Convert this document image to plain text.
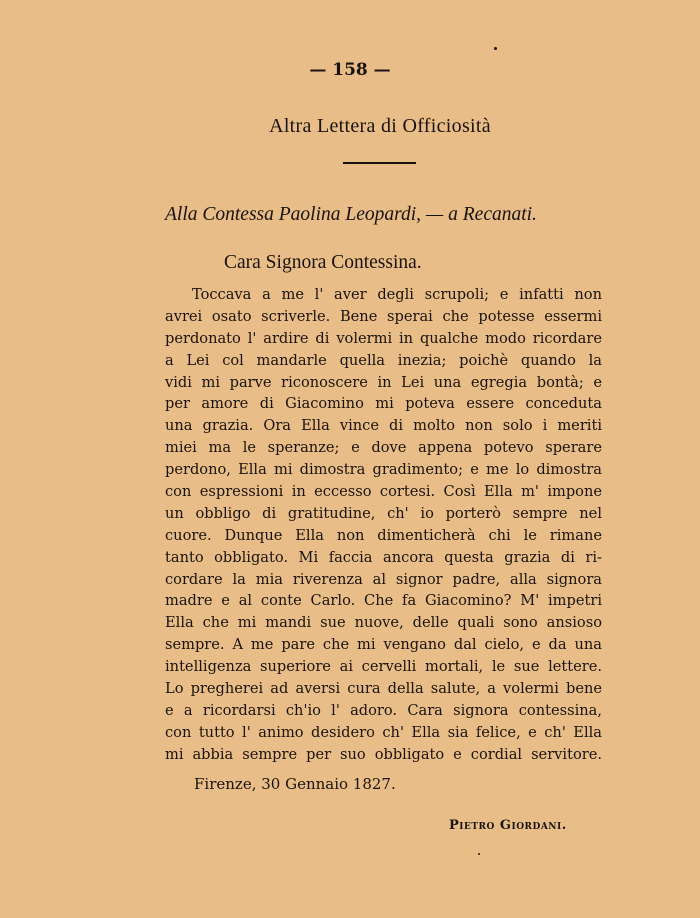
— 158 —
Altra Lettera di Officiosità
Alla Contessa Paolina Leopardi, — a Recanati.
Cara Signora Contessina.
Toccava a me l' aver degli scrupoli; e infatti non
avrei osato scriverle. Bene sperai che potesse essermi
perdonato l' ardire di volermi in qualche modo ricordare
a Lei col mandarle quella inezia; poichè quando la
vidi mi parve riconoscere in Lei una egregia bontà; e
per amore di Giacomino mi poteva essere conceduta
una grazia. Ora Ella vince di molto non solo i meriti
miei ma le speranze; e dove appena potevo sperare
perdono, Ella mi dimostra gradimento; e me lo dimostra
con espressioni in eccesso cortesi. Così Ella m' impone
un obbligo di gratitudine, ch' io porterò sempre nel
cuore. Dunque Ella non dimenticherà chi le rimane
tanto obbligato. Mi faccia ancora questa grazia di ri-
cordare la mia riverenza al signor padre, alla signora
madre e al conte Carlo. Che fa Giacomino? M' impetri
Ella che mi mandi sue nuove, delle quali sono ansioso
sempre. A me pare che mi vengano dal cielo, e da una
intelligenza superiore ai cervelli mortali, le sue lettere.
Lo pregherei ad aversi cura della salute, a volermi bene
e a ricordarsi ch'io l' adoro. Cara signora contessina,
con tutto l' animo desidero ch' Ella sia felice, e ch' Ella
mi abbia sempre per suo obbligato e cordial servitore.
Firenze, 30 Gennaio 1827.
Pietro Giordani.
